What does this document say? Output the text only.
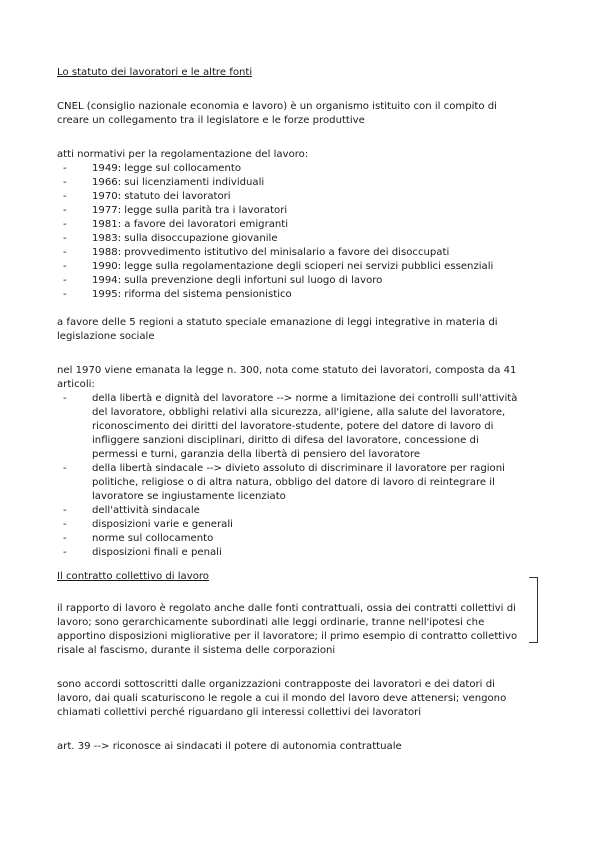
Lo statuto dei lavoratori e le altre fonti

CNEL (consiglio nazionale economia e lavoro) è un organismo istituito con il compito di creare un collegamento tra il legislatore e le forze produttive

atti normativi per la regolamentazione del lavoro:

- 1949: legge sul collocamento
- 1966: sui licenziamenti individuali
- 1970: statuto dei lavoratori
- 1977: legge sulla parità tra i lavoratori
- 1981: a favore dei lavoratori emigranti
- 1983: sulla disoccupazione giovanile
- 1988: provvedimento istitutivo del minisalario a favore dei disoccupati
- 1990: legge sulla regolamentazione degli scioperi nei servizi pubblici essenziali
- 1994: sulla prevenzione degli infortuni sul luogo di lavoro
- 1995: riforma del sistema pensionistico

a favore delle 5 regioni a statuto speciale emanazione di leggi integrative in materia di legislazione sociale

nel 1970 viene emanata la legge n. 300, nota come statuto dei lavoratori, composta da 41 articoli:

- della libertà e dignità del lavoratore --> norme a limitazione dei controlli sull'attività del lavoratore, obblighi relativi alla sicurezza, all'igiene, alla salute del lavoratore, riconoscimento dei diritti del lavoratore-studente, potere del datore di lavoro di infliggere sanzioni disciplinari, diritto di difesa del lavoratore, concessione di permessi e turni, garanzia della libertà di pensiero del lavoratore
- della libertà sindacale --> divieto assoluto di discriminare il lavoratore per ragioni politiche, religiose o di altra natura, obbligo del datore di lavoro di reintegrare il lavoratore se ingiustamente licenziato
- dell'attività sindacale
- disposizioni varie e generali
- norme sul collocamento
- disposizioni finali e penali

Il contratto collettivo di lavoro

il rapporto di lavoro è regolato anche dalle fonti contrattuali, ossia dei contratti collettivi di lavoro; sono gerarchicamente subordinati alle leggi ordinarie, tranne nell'ipotesi che apportino disposizioni migliorative per il lavoratore; il primo esempio di contratto collettivo risale al fascismo, durante il sistema delle corporazioni

sono accordi sottoscritti dalle organizzazioni contrapposte dei lavoratori e dei datori di lavoro, dai quali scaturiscono le regole a cui il mondo del lavoro deve attenersi; vengono chiamati collettivi perché riguardano gli interessi collettivi dei lavoratori

art. 39 --> riconosce ai sindacati il potere di autonomia contrattuale
